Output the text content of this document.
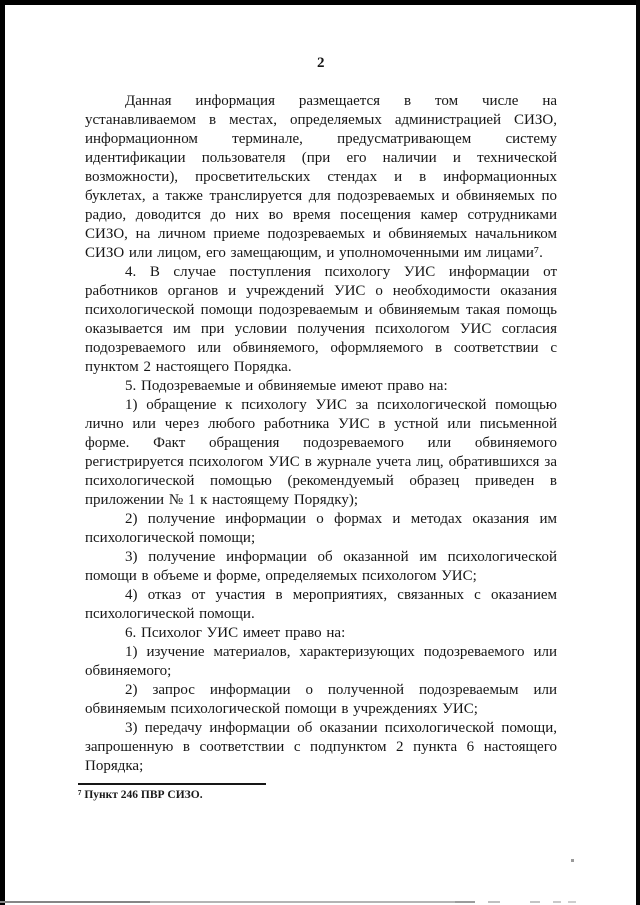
2

Данная информация размещается в том числе на устанавливаемом в местах, определяемых администрацией СИЗО, информационном терминале, предусматривающем систему идентификации пользователя (при его наличии и технической возможности), просветительских стендах и в информационных буклетах, а также транслируется для подозреваемых и обвиняемых по радио, доводится до них во время посещения камер сотрудниками СИЗО, на личном приеме подозреваемых и обвиняемых начальником СИЗО или лицом, его замещающим, и уполномоченными им лицами⁷.

4. В случае поступления психологу УИС информации от работников органов и учреждений УИС о необходимости оказания психологической помощи подозреваемым и обвиняемым такая помощь оказывается им при условии получения психологом УИС согласия подозреваемого или обвиняемого, оформляемого в соответствии с пунктом 2 настоящего Порядка.

5. Подозреваемые и обвиняемые имеют право на:

1) обращение к психологу УИС за психологической помощью лично или через любого работника УИС в устной или письменной форме. Факт обращения подозреваемого или обвиняемого регистрируется психологом УИС в журнале учета лиц, обратившихся за психологической помощью (рекомендуемый образец приведен в приложении № 1 к настоящему Порядку);

2) получение информации о формах и методах оказания им психологической помощи;

3) получение информации об оказанной им психологической помощи в объеме и форме, определяемых психологом УИС;

4) отказ от участия в мероприятиях, связанных с оказанием психологической помощи.

6. Психолог УИС имеет право на:

1) изучение материалов, характеризующих подозреваемого или обвиняемого;

2) запрос информации о полученной подозреваемым или обвиняемым психологической помощи в учреждениях УИС;

3) передачу информации об оказании психологической помощи, запрошенную в соответствии с подпунктом 2 пункта 6 настоящего Порядка;

⁷ Пункт 246 ПВР СИЗО.
